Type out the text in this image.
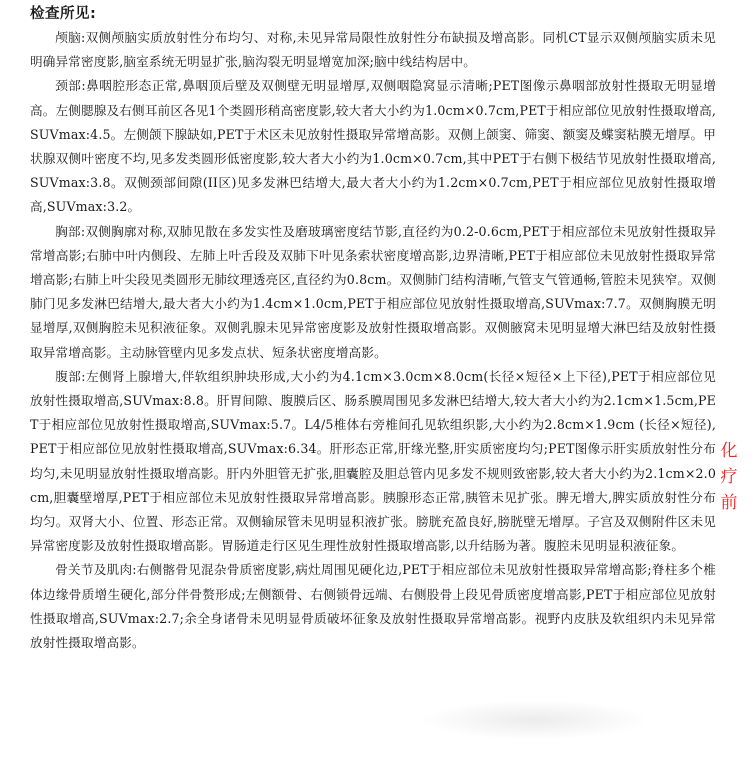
检查所见:

颅脑:双侧颅脑实质放射性分布均匀、对称,未见异常局限性放射性分布缺损及增高影。同机CT显示双侧颅脑实质未见明确异常密度影,脑室系统无明显扩张,脑沟裂无明显增宽加深;脑中线结构居中。

颈部:鼻咽腔形态正常,鼻咽顶后壁及双侧壁无明显增厚,双侧咽隐窝显示清晰;PET图像示鼻咽部放射性摄取无明显增高。左侧腮腺及右侧耳前区各见1个类圆形稍高密度影,较大者大小约为1.0cm×0.7cm,PET于相应部位见放射性摄取增高,SUVmax:4.5。左侧颌下腺缺如,PET于术区未见放射性摄取异常增高影。双侧上颌窦、筛窦、额窦及蝶窦粘膜无增厚。甲状腺双侧叶密度不均,见多发类圆形低密度影,较大者大小约为1.0cm×0.7cm,其中PET于右侧下极结节见放射性摄取增高,SUVmax:3.8。双侧颈部间隙(II区)见多发淋巴结增大,最大者大小约为1.2cm×0.7cm,PET于相应部位见放射性摄取增高,SUVmax:3.2。

胸部:双侧胸廓对称,双肺见散在多发实性及磨玻璃密度结节影,直径约为0.2-0.6cm,PET于相应部位未见放射性摄取异常增高影;右肺中叶内侧段、左肺上叶舌段及双肺下叶见条索状密度增高影,边界清晰,PET于相应部位未见放射性摄取异常增高影;右肺上叶尖段见类圆形无肺纹理透亮区,直径约为0.8cm。双侧肺门结构清晰,气管支气管通畅,管腔未见狭窄。双侧肺门见多发淋巴结增大,最大者大小约为1.4cm×1.0cm,PET于相应部位见放射性摄取增高,SUVmax:7.7。双侧胸膜无明显增厚,双侧胸腔未见积液征象。双侧乳腺未见异常密度影及放射性摄取增高影。双侧腋窝未见明显增大淋巴结及放射性摄取异常增高影。主动脉管壁内见多发点状、短条状密度增高影。

腹部:左侧肾上腺增大,伴软组织肿块形成,大小约为4.1cm×3.0cm×8.0cm(长径×短径×上下径),PET于相应部位见放射性摄取增高,SUVmax:8.8。肝胃间隙、腹膜后区、肠系膜周围见多发淋巴结增大,较大者大小约为2.1cm×1.5cm,PET于相应部位见放射性摄取增高,SUVmax:5.7。L4/5椎体右旁椎间孔见软组织影,大小约为2.8cm×1.9cm (长径×短径),PET于相应部位见放射性摄取增高,SUVmax:6.34。肝形态正常,肝缘光整,肝实质密度均匀;PET图像示肝实质放射性分布均匀,未见明显放射性摄取增高影。肝内外胆管无扩张,胆囊腔及胆总管内见多发不规则致密影,较大者大小约为2.1cm×2.0cm,胆囊壁增厚,PET于相应部位未见放射性摄取异常增高影。胰腺形态正常,胰管未见扩张。脾无增大,脾实质放射性分布均匀。双肾大小、位置、形态正常。双侧输尿管未见明显积液扩张。膀胱充盈良好,膀胱壁无增厚。子宫及双侧附件区未见异常密度影及放射性摄取增高影。胃肠道走行区见生理性放射性摄取增高影,以升结肠为著。腹腔未见明显积液征象。

骨关节及肌肉:右侧髂骨见混杂骨质密度影,病灶周围见硬化边,PET于相应部位未见放射性摄取异常增高影;脊柱多个椎体边缘骨质增生硬化,部分伴骨赘形成;左侧额骨、右侧锁骨远端、右侧股骨上段见骨质密度增高影,PET于相应部位见放射性摄取增高,SUVmax:2.7;余全身诸骨未见明显骨质破坏征象及放射性摄取异常增高影。视野内皮肤及软组织内未见异常放射性摄取增高影。

化
疗
前
